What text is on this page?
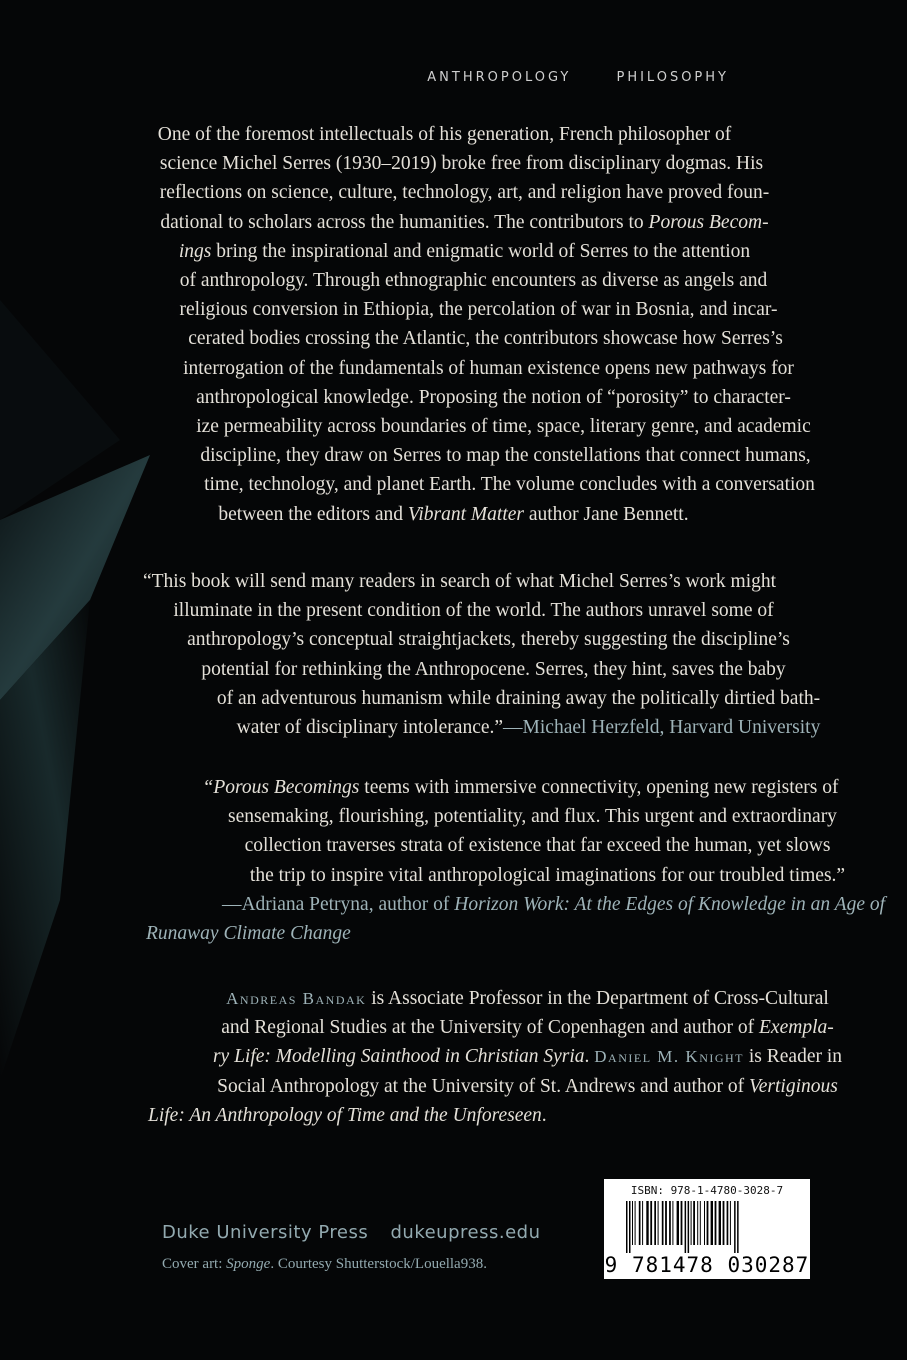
ANTHROPOLOGY	PHILOSOPHY
One of the foremost intellectuals of his generation, French philosopher of
science Michel Serres (1930–2019) broke free from disciplinary dogmas. His
reflections on science, culture, technology, art, and religion have proved foun-
dational to scholars across the humanities. The contributors to Porous Becom-
ings bring the inspirational and enigmatic world of Serres to the attention
of anthropology. Through ethnographic encounters as diverse as angels and
religious conversion in Ethiopia, the percolation of war in Bosnia, and incar-
cerated bodies crossing the Atlantic, the contributors showcase how Serres’s
interrogation of the fundamentals of human existence opens new pathways for
anthropological knowledge. Proposing the notion of “porosity” to character-
ize permeability across boundaries of time, space, literary genre, and academic
discipline, they draw on Serres to map the constellations that connect humans,
time, technology, and planet Earth. The volume concludes with a conversation
between the editors and Vibrant Matter author Jane Bennett.
“This book will send many readers in search of what Michel Serres’s work might
illuminate in the present condition of the world. The authors unravel some of
anthropology’s conceptual straightjackets, thereby suggesting the discipline’s
potential for rethinking the Anthropocene. Serres, they hint, saves the baby
of an adventurous humanism while draining away the politically dirtied bath-
water of disciplinary intolerance.”—Michael Herzfeld, Harvard University
“Porous Becomings teems with immersive connectivity, opening new registers of
sensemaking, flourishing, potentiality, and flux. This urgent and extraordinary
collection traverses strata of existence that far exceed the human, yet slows
the trip to inspire vital anthropological imaginations for our troubled times.”
—Adriana Petryna, author of Horizon Work: At the Edges of Knowledge in an Age of
Runaway Climate Change
Andreas Bandak is Associate Professor in the Department of Cross-Cultural
and Regional Studies at the University of Copenhagen and author of Exempla-
ry Life: Modelling Sainthood in Christian Syria. Daniel M. Knight is Reader in
Social Anthropology at the University of St. Andrews and author of Vertiginous
Life: An Anthropology of Time and the Unforeseen.
Duke University Press dukeupress.edu
Cover art: Sponge. Courtesy Shutterstock/Louella938.
ISBN: 978-1-4780-3028-7
9 781478 030287
